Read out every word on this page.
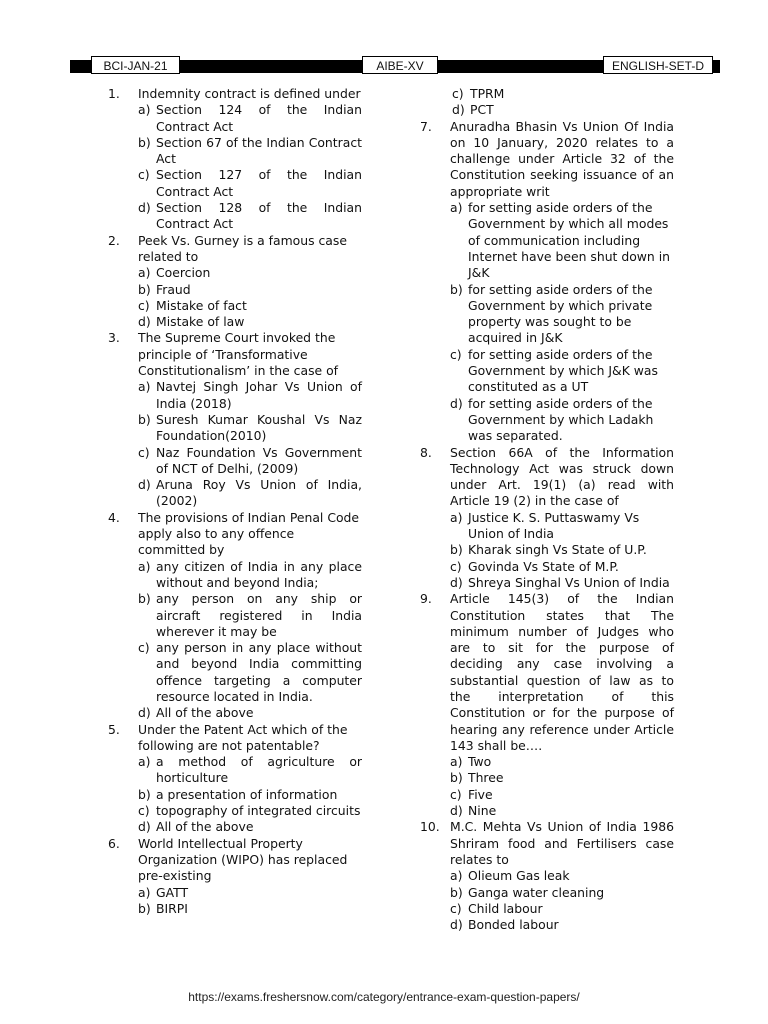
BCI-JAN-21	AIBE-XV	ENGLISH-SET-D
1.	Indemnity contract is defined under
a) Section 124 of the Indian Contract Act
b) Section 67 of the Indian Contract Act
c) Section 127 of the Indian Contract Act
d) Section 128 of the Indian Contract Act
2.	Peek Vs. Gurney is a famous case related to
a) Coercion
b) Fraud
c) Mistake of fact
d) Mistake of law
3.	The Supreme Court invoked the principle of ‘Transformative Constitutionalism’ in the case of
a) Navtej Singh Johar Vs Union of India (2018)
b) Suresh Kumar Koushal Vs Naz Foundation(2010)
c) Naz Foundation Vs Government of NCT of Delhi, (2009)
d) Aruna Roy Vs Union of India, (2002)
4.	The provisions of Indian Penal Code apply also to any offence committed by
a) any citizen of India in any place without and beyond India;
b) any person on any ship or aircraft registered in India wherever it may be
c) any person in any place without and beyond India committing offence targeting a computer resource located in India.
d) All of the above
5.	Under the Patent Act which of the following are not patentable?
a) a method of agriculture or horticulture
b) a presentation of information
c) topography of integrated circuits
d) All of the above
6.	World Intellectual Property Organization (WIPO) has replaced pre-existing
a) GATT
b) BIRPI
c) TPRM
d) PCT
7.	Anuradha Bhasin Vs Union Of India on 10 January, 2020 relates to a challenge under Article 32 of the Constitution seeking issuance of an appropriate writ
a) for setting aside orders of the Government by which all modes of communication including Internet have been shut down in J&K
b) for setting aside orders of the Government by which private property was sought to be acquired in J&K
c) for setting aside orders of the Government by which J&K was constituted as a UT
d) for setting aside orders of the Government by which Ladakh was separated.
8.	Section 66A of the Information Technology Act was struck down under Art. 19(1) (a) read with Article 19 (2) in the case of
a) Justice K. S. Puttaswamy Vs Union of India
b) Kharak singh Vs State of U.P.
c) Govinda Vs State of M.P.
d) Shreya Singhal Vs Union of India
9.	Article 145(3) of the Indian Constitution states that The minimum number of Judges who are to sit for the purpose of deciding any case involving a substantial question of law as to the interpretation of this Constitution or for the purpose of hearing any reference under Article 143 shall be….
a) Two
b) Three
c) Five
d) Nine
10. M.C. Mehta Vs Union of India 1986 Shriram food and Fertilisers case relates to
a) Olieum Gas leak
b) Ganga water cleaning
c) Child labour
d) Bonded labour
https://exams.freshersnow.com/category/entrance-exam-question-papers/
